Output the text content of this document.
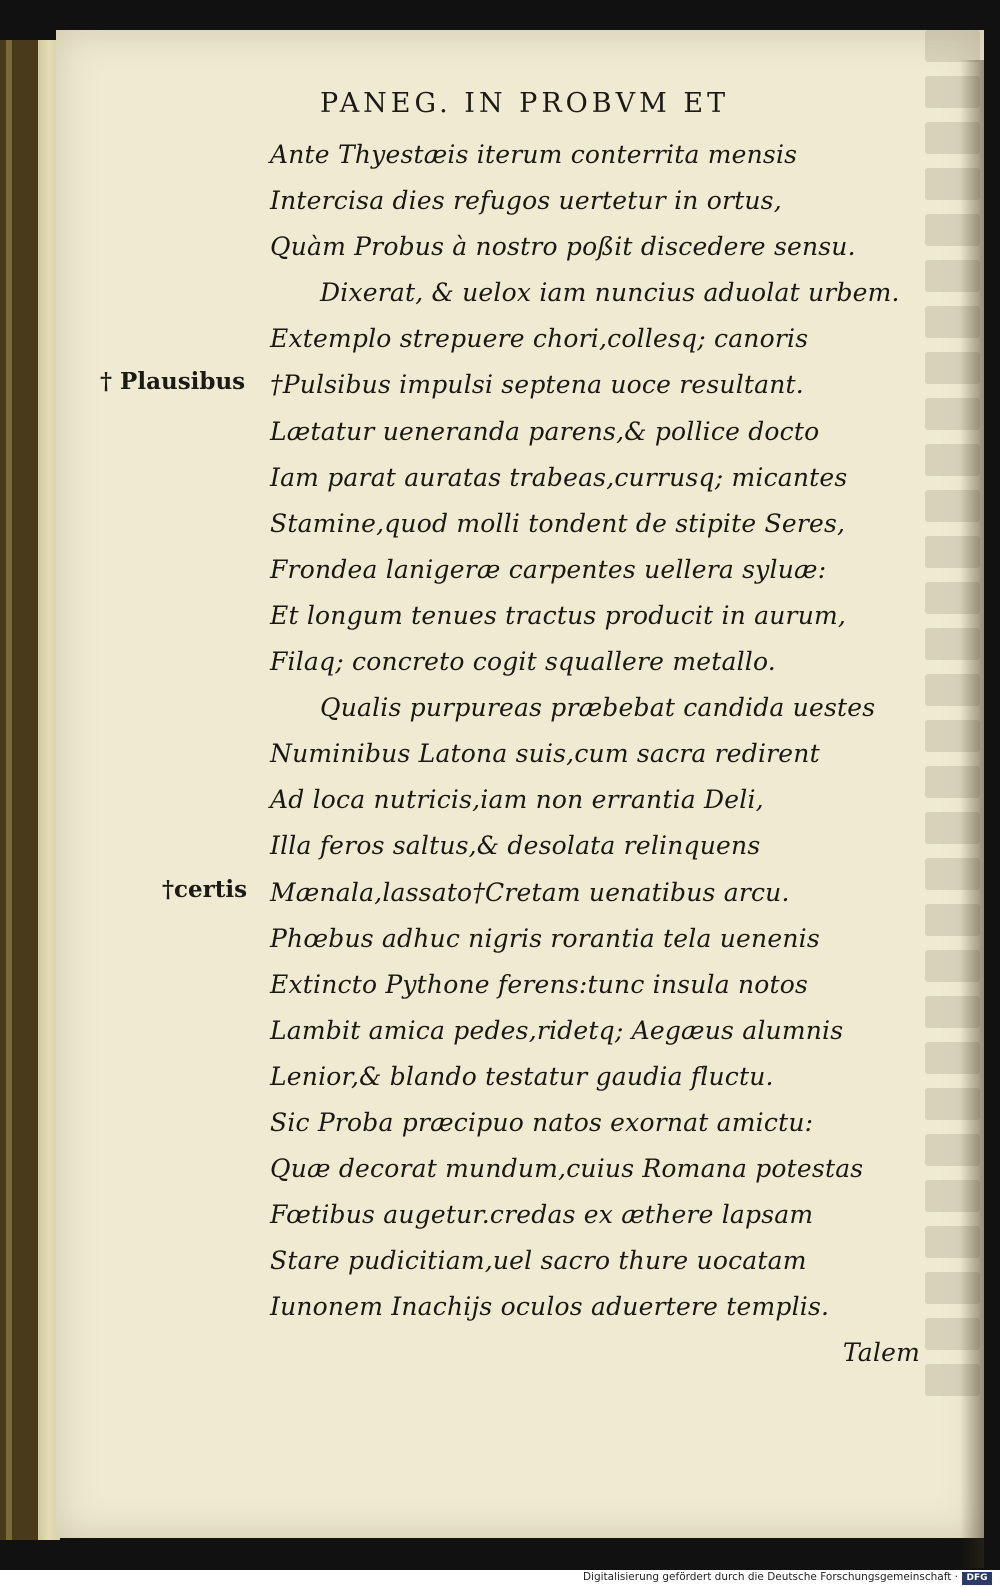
PANEG. IN PROBVM ET
† Plausibus
†certis
Ante Thyestæis iterum conterrita mensis
Intercisa dies refugos uertetur in ortus,
Quàm Probus à nostro poßit discedere sensu.
Dixerat, & uelox iam nuncius aduolat urbem.
Extemplo strepuere chori,collesq; canoris
†Pulsibus impulsi septena uoce resultant.
Lætatur ueneranda parens,& pollice docto
Iam parat auratas trabeas,currusq; micantes
Stamine,quod molli tondent de stipite Seres,
Frondea lanigeræ carpentes uellera syluæ:
Et longum tenues tractus producit in aurum,
Filaq; concreto cogit squallere metallo.
Qualis purpureas præbebat candida uestes
Numinibus Latona suis,cum sacra redirent
Ad loca nutricis,iam non errantia Deli,
Illa feros saltus,& desolata relinquens
Mænala,lassato†Cretam uenatibus arcu.
Phœbus adhuc nigris rorantia tela uenenis
Extincto Pythone ferens:tunc insula notos
Lambit amica pedes,ridetq; Aegæus alumnis
Lenior,& blando testatur gaudia fluctu.
Sic Proba præcipuo natos exornat amictu:
Quæ decorat mundum,cuius Romana potestas
Fœtibus augetur.credas ex æthere lapsam
Stare pudicitiam,uel sacro thure uocatam
Iunonem Inachijs oculos aduertere templis.
Talem
Digitalisierung gefördert durch die Deutsche Forschungsgemeinschaft · DFG
